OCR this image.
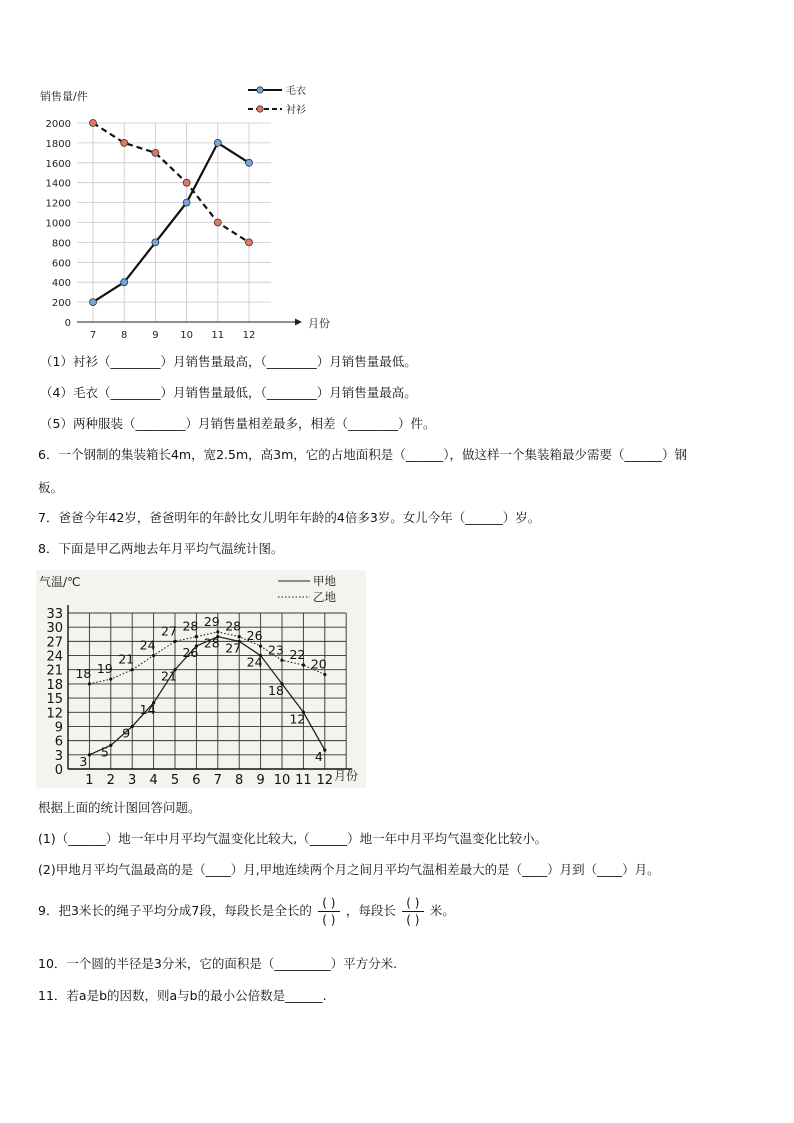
0
200
400
600
800
1000
1200
1400
1600
1800
2000
7 8 9 10 11 12
毛衣
衬衫
销售量/件
月份
（1）衬衫（________）月销售量最高，（________）月销售量最低。
（4）毛衣（________）月销售量最低，（________）月销售量最高。
（5）两种服装（________）月销售量相差最多，相差（________）件。
6．一个钢制的集装箱长4m，宽2.5m，高3m，它的占地面积是（______），做这样一个集装箱最少需要（______）钢
板。
7．爸爸今年42岁，爸爸明年的年龄比女儿明年年龄的4倍多3岁。女儿今年（______）岁。
8．下面是甲乙两地去年月平均气温统计图。
0
3
6
9
12
15
18
21
24
27
30
33
1 2 3 4 5 6 7 8 9 10 11 12
3
5
9
14
21
26
28 27
24
18
12
4
18 19
21
24
27 28 29 28
26
23 22
20
甲地
乙地
气温/℃
月份
根据上面的统计图回答问题。
(1)（______）地一年中月平均气温变化比较大,（______）地一年中月平均气温变化比较小。
(2)甲地月平均气温最高的是（____）月,甲地连续两个月之间月平均气温相差最大的是（____）月到（____）月。
9．把3米长的绳子平均分成7段，每段长是全长的 $\frac{( )}{( )}$ ，每段长 $\frac{( )}{( )}$ 米。
10．一个圆的半径是3分米，它的面积是（_________）平方分米.
11．若a是b的因数，则a与b的最小公倍数是______.
